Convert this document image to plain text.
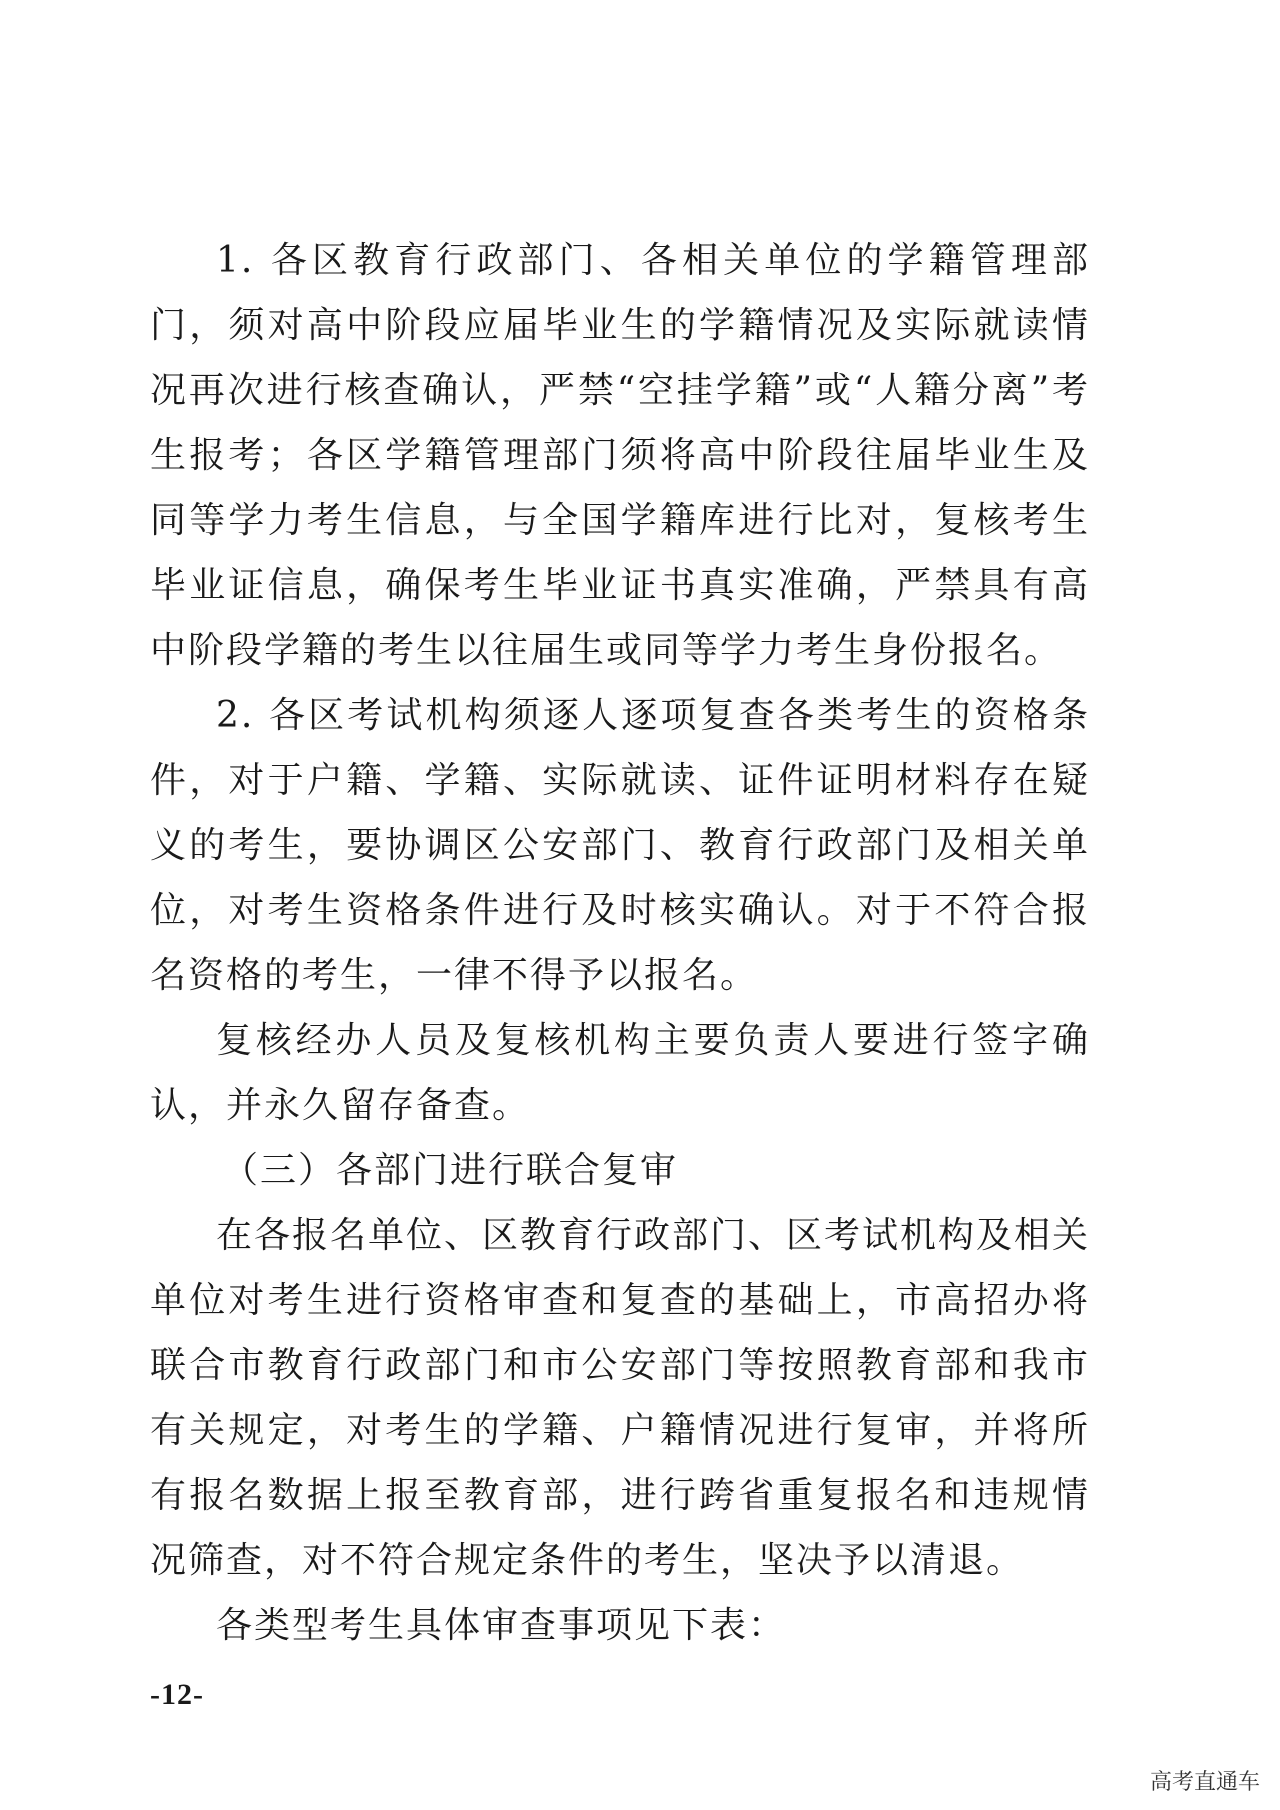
1. 各区教育行政部门、各相关单位的学籍管理部门，须对高中阶段应届毕业生的学籍情况及实际就读情况再次进行核查确认，严禁“空挂学籍”或“人籍分离”考生报考；各区学籍管理部门须将高中阶段往届毕业生及同等学力考生信息，与全国学籍库进行比对，复核考生毕业证信息，确保考生毕业证书真实准确，严禁具有高中阶段学籍的考生以往届生或同等学力考生身份报名。

2. 各区考试机构须逐人逐项复查各类考生的资格条件，对于户籍、学籍、实际就读、证件证明材料存在疑义的考生，要协调区公安部门、教育行政部门及相关单位，对考生资格条件进行及时核实确认。对于不符合报名资格的考生，一律不得予以报名。

复核经办人员及复核机构主要负责人要进行签字确认，并永久留存备查。

（三）各部门进行联合复审

在各报名单位、区教育行政部门、区考试机构及相关单位对考生进行资格审查和复查的基础上，市高招办将联合市教育行政部门和市公安部门等按照教育部和我市有关规定，对考生的学籍、户籍情况进行复审，并将所有报名数据上报至教育部，进行跨省重复报名和违规情况筛查，对不符合规定条件的考生，坚决予以清退。

各类型考生具体审查事项见下表：

-12-
高考直通车
